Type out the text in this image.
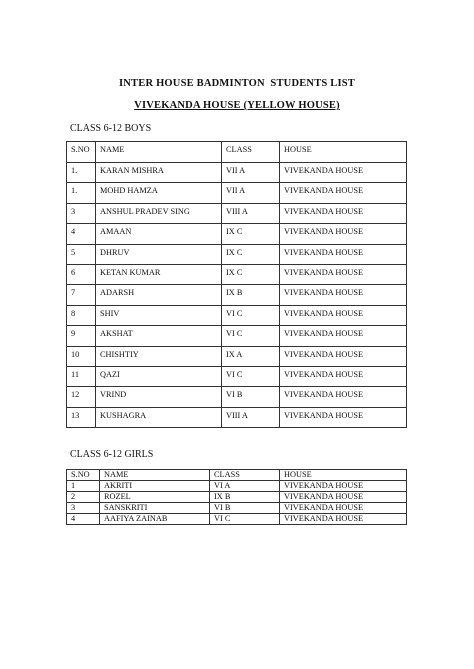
INTER HOUSE BADMINTON  STUDENTS LIST
VIVEKANDA HOUSE (YELLOW HOUSE)
CLASS 6-12 BOYS
S.NO	NAME	CLASS	HOUSE
1.	KARAN MISHRA	VII A	VIVEKANDA HOUSE
1.	MOHD HAMZA	VII A	VIVEKANDA HOUSE
3	ANSHUL PRADEV SING	VIII A	VIVEKANDA HOUSE
4	AMAAN	IX C	VIVEKANDA HOUSE
5	DHRUV	IX C	VIVEKANDA HOUSE
6	KETAN KUMAR	IX C	VIVEKANDA HOUSE
7	ADARSH	IX B	VIVEKANDA HOUSE
8	SHIV	VI C	VIVEKANDA HOUSE
9	AKSHAT	VI C	VIVEKANDA HOUSE
10	CHISHTIY	IX A	VIVEKANDA HOUSE
11	QAZI	VI C	VIVEKANDA HOUSE
12	VRIND	VI B	VIVEKANDA HOUSE
13	KUSHAGRA	VIII A	VIVEKANDA HOUSE
CLASS 6-12 GIRLS
S.NO	NAME	CLASS	HOUSE
1	AKRITI	VI A	VIVEKANDA HOUSE
2	ROZEL	IX B	VIVEKANDA HOUSE
3	SANSKRITI	VI B	VIVEKANDA HOUSE
4	AAFIYA ZAINAB	VI C	VIVEKANDA HOUSE
